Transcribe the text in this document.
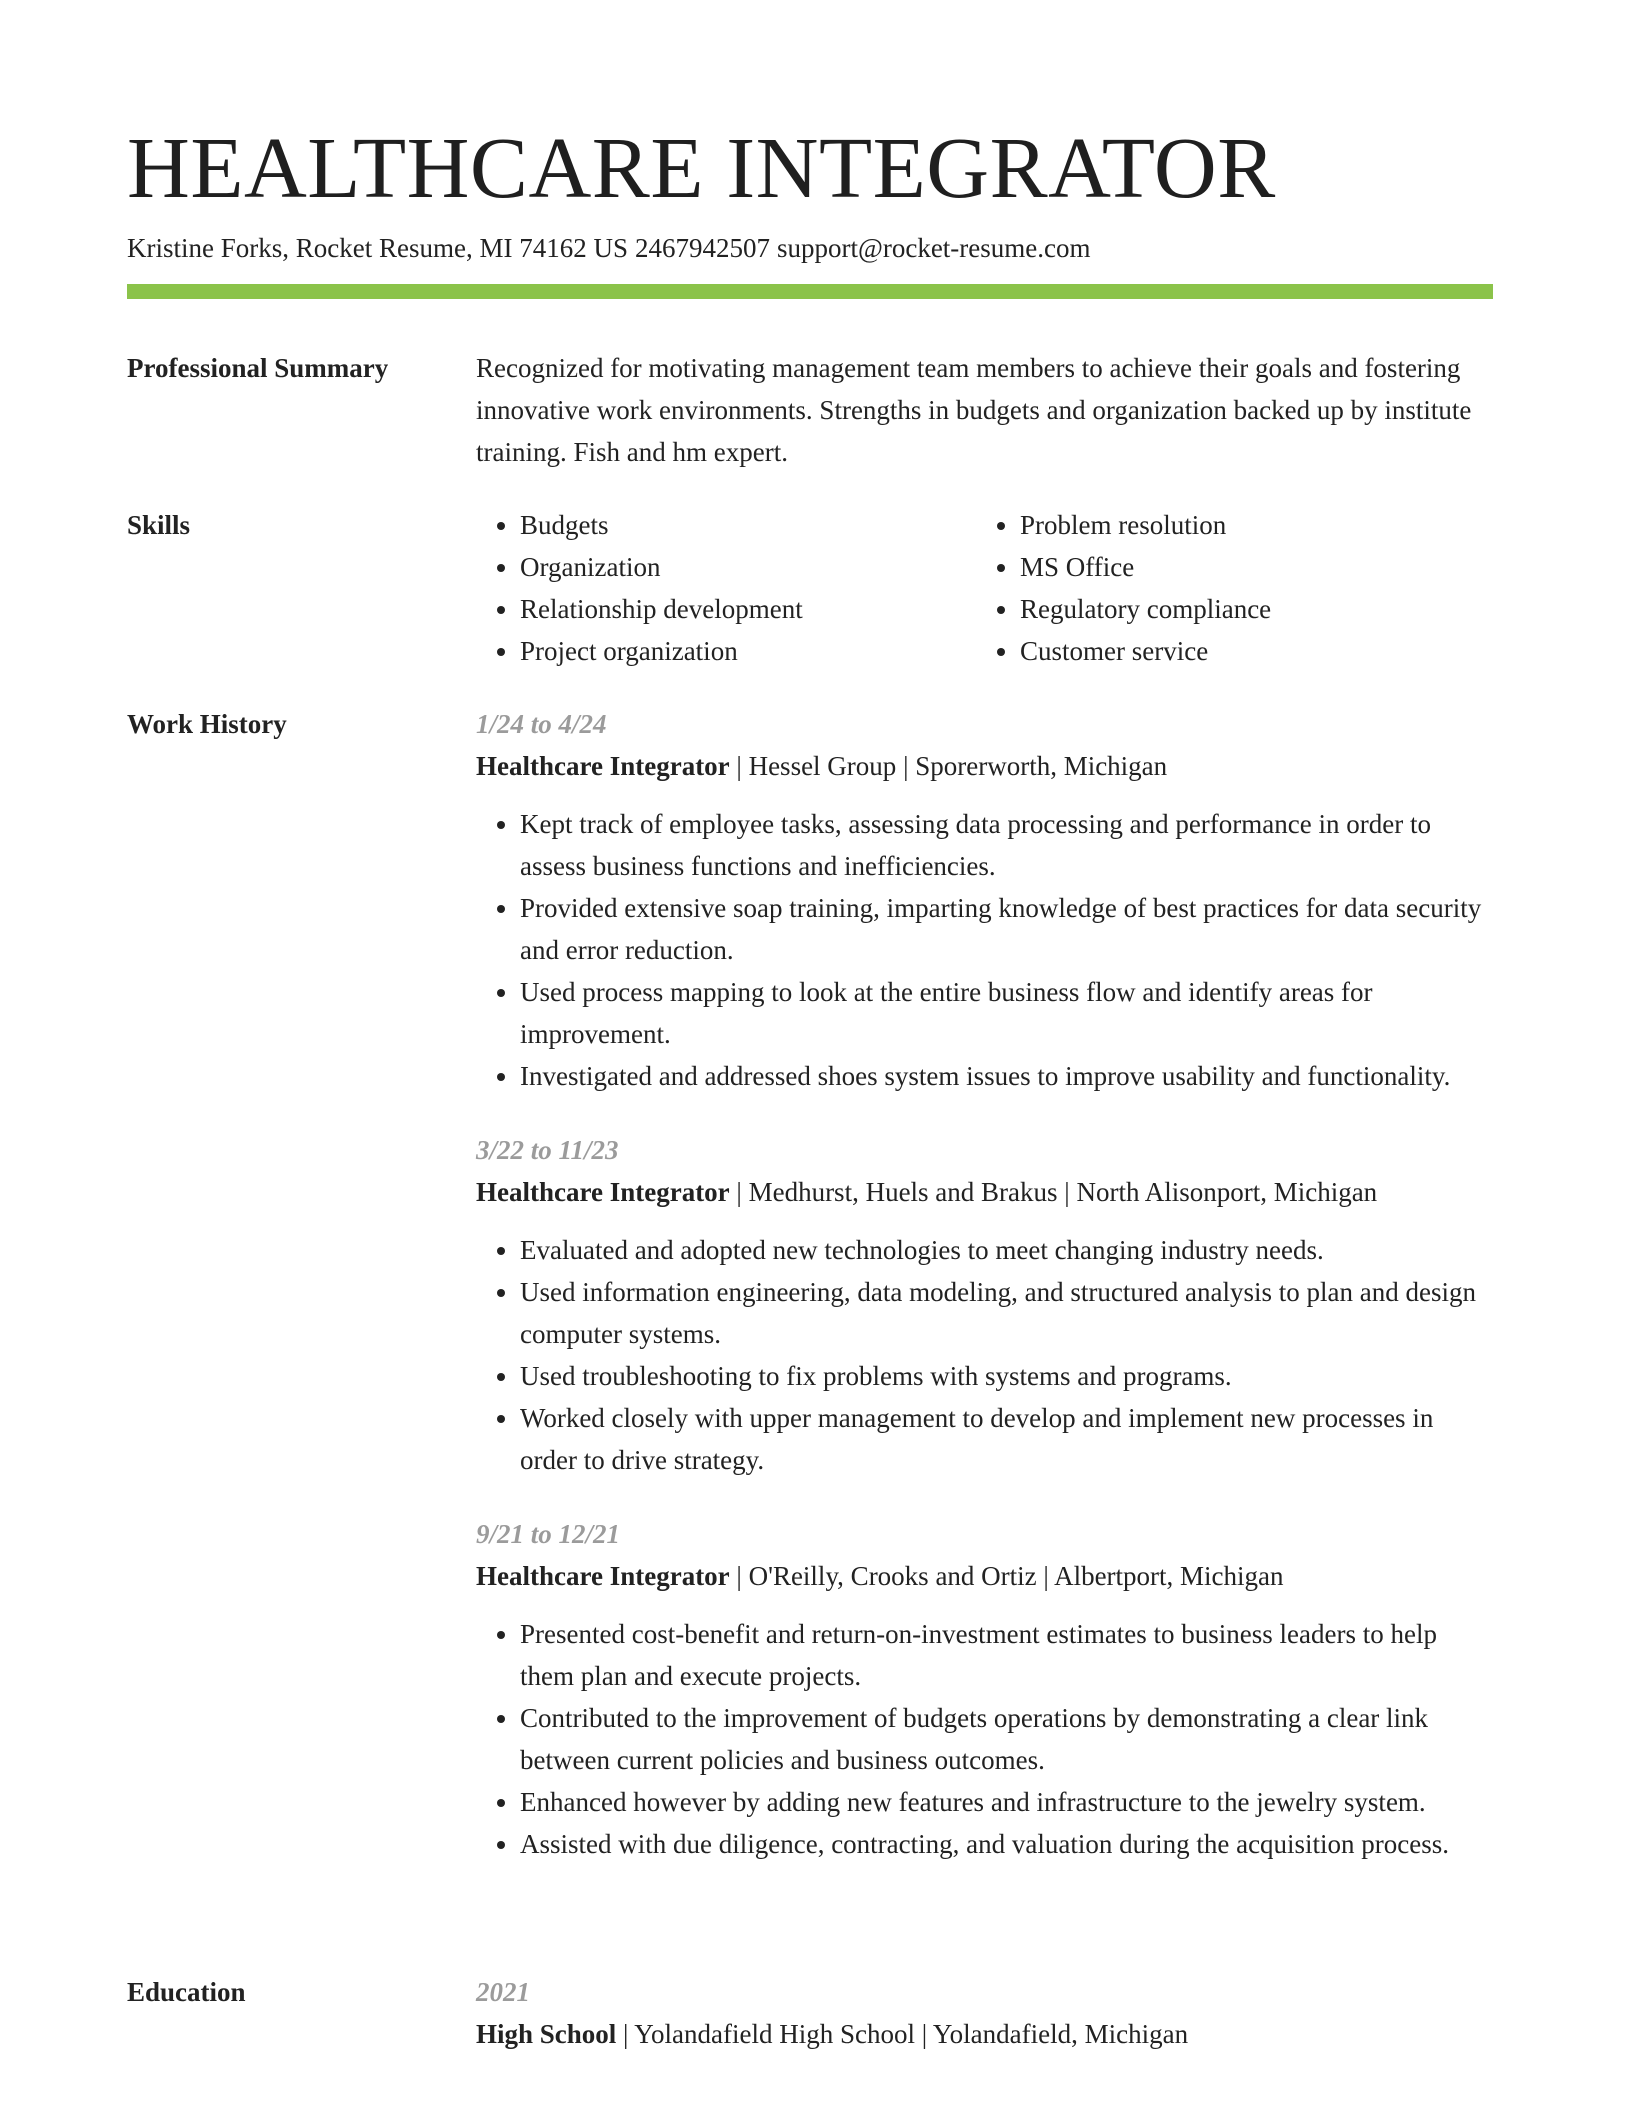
HEALTHCARE INTEGRATOR
Kristine Forks, Rocket Resume, MI 74162 US 2467942507 support@rocket-resume.com
Professional Summary	Recognized for motivating management team members to achieve their goals and fostering innovative work environments. Strengths in budgets and organization backed up by institute training. Fish and hm expert.

Skills
•	Budgets
• Organization
• Relationship development
• Project organization
• Problem resolution
• MS Office
• Regulatory compliance
• Customer service
Work History	1/24 to 4/24
Healthcare Integrator | Hessel Group | Sporerworth, Michigan
• Kept track of employee tasks, assessing data processing and performance in order to assess business functions and inefficiencies.
• Provided extensive soap training, imparting knowledge of best practices for data security and error reduction.
• Used process mapping to look at the entire business flow and identify areas for improvement.
• Investigated and addressed shoes system issues to improve usability and functionality.
3/22 to 11/23
Healthcare Integrator | Medhurst, Huels and Brakus | North Alisonport, Michigan
• Evaluated and adopted new technologies to meet changing industry needs.
• Used information engineering, data modeling, and structured analysis to plan and design computer systems.
• Used troubleshooting to fix problems with systems and programs.
• Worked closely with upper management to develop and implement new processes in order to drive strategy.
9/21 to 12/21
Healthcare Integrator | O'Reilly, Crooks and Ortiz | Albertport, Michigan
• Presented cost-benefit and return-on-investment estimates to business leaders to help them plan and execute projects.
• Contributed to the improvement of budgets operations by demonstrating a clear link between current policies and business outcomes.
• Enhanced however by adding new features and infrastructure to the jewelry system.
• Assisted with due diligence, contracting, and valuation during the acquisition process.
Education	2021
High School | Yolandafield High School | Yolandafield, Michigan
